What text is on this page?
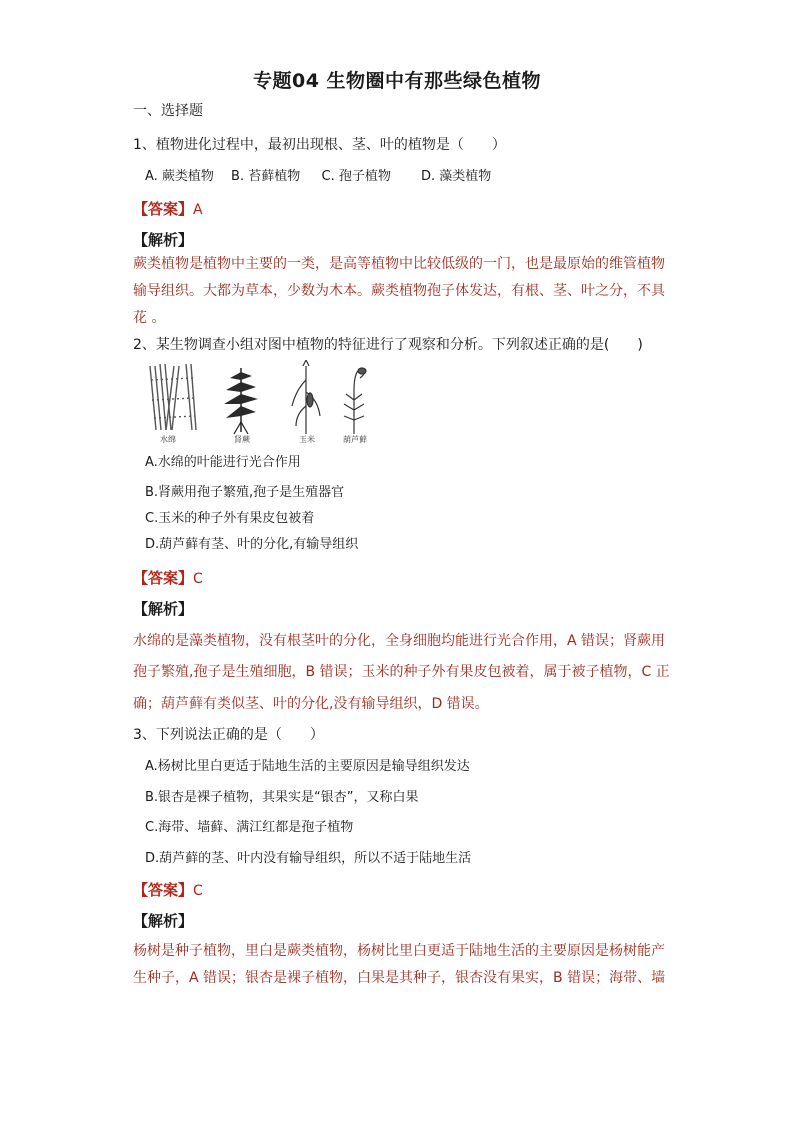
专题04 生物圈中有那些绿色植物
一、选择题
1、植物进化过程中，最初出现根、茎、叶的植物是（　　）
A. 蕨类植物　 B. 苔藓植物 　 C. 孢子植物　 　D. 藻类植物
【答案】A
【解析】
蕨类植物是植物中主要的一类，是高等植物中比较低级的一门，也是最原始的维管植物
输导组织。大都为草本，少数为木本。蕨类植物孢子体发达，有根、茎、叶之分，不具
花 。
2、某生物调查小组对图中植物的特征进行了观察和分析。下列叙述正确的是(　　)
水绵	肾蕨	玉米	葫芦藓
A.水绵的叶能进行光合作用
B.肾蕨用孢子繁殖,孢子是生殖器官
C.玉米的种子外有果皮包被着
D.葫芦藓有茎、叶的分化,有输导组织
【答案】C
【解析】
水绵的是藻类植物，没有根茎叶的分化，全身细胞均能进行光合作用，A 错误；肾蕨用
孢子繁殖,孢子是生殖细胞，B 错误；玉米的种子外有果皮包被着，属于被子植物，C 正
确；葫芦藓有类似茎、叶的分化,没有输导组织，D 错误。
3、下列说法正确的是（　　）
A.杨树比里白更适于陆地生活的主要原因是输导组织发达
B.银杏是裸子植物，其果实是“银杏”，又称白果
C.海带、墙藓、满江红都是孢子植物
D.葫芦藓的茎、叶内没有输导组织，所以不适于陆地生活
【答案】C
【解析】
杨树是种子植物，里白是蕨类植物，杨树比里白更适于陆地生活的主要原因是杨树能产
生种子，A 错误；银杏是裸子植物，白果是其种子，银杏没有果实，B 错误；海带、墙
